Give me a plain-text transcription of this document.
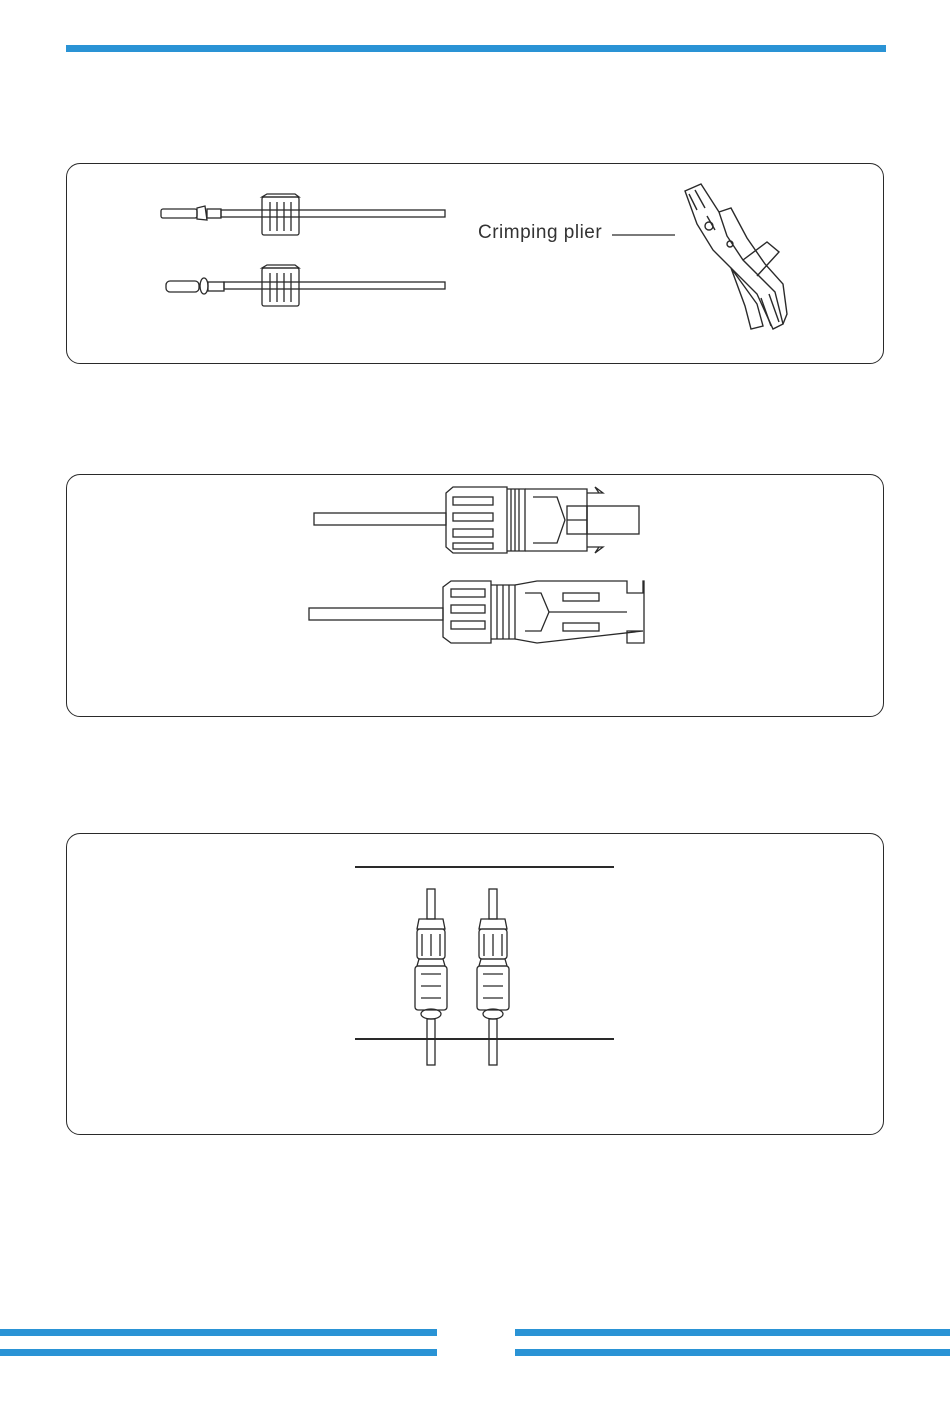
Crimping plier
